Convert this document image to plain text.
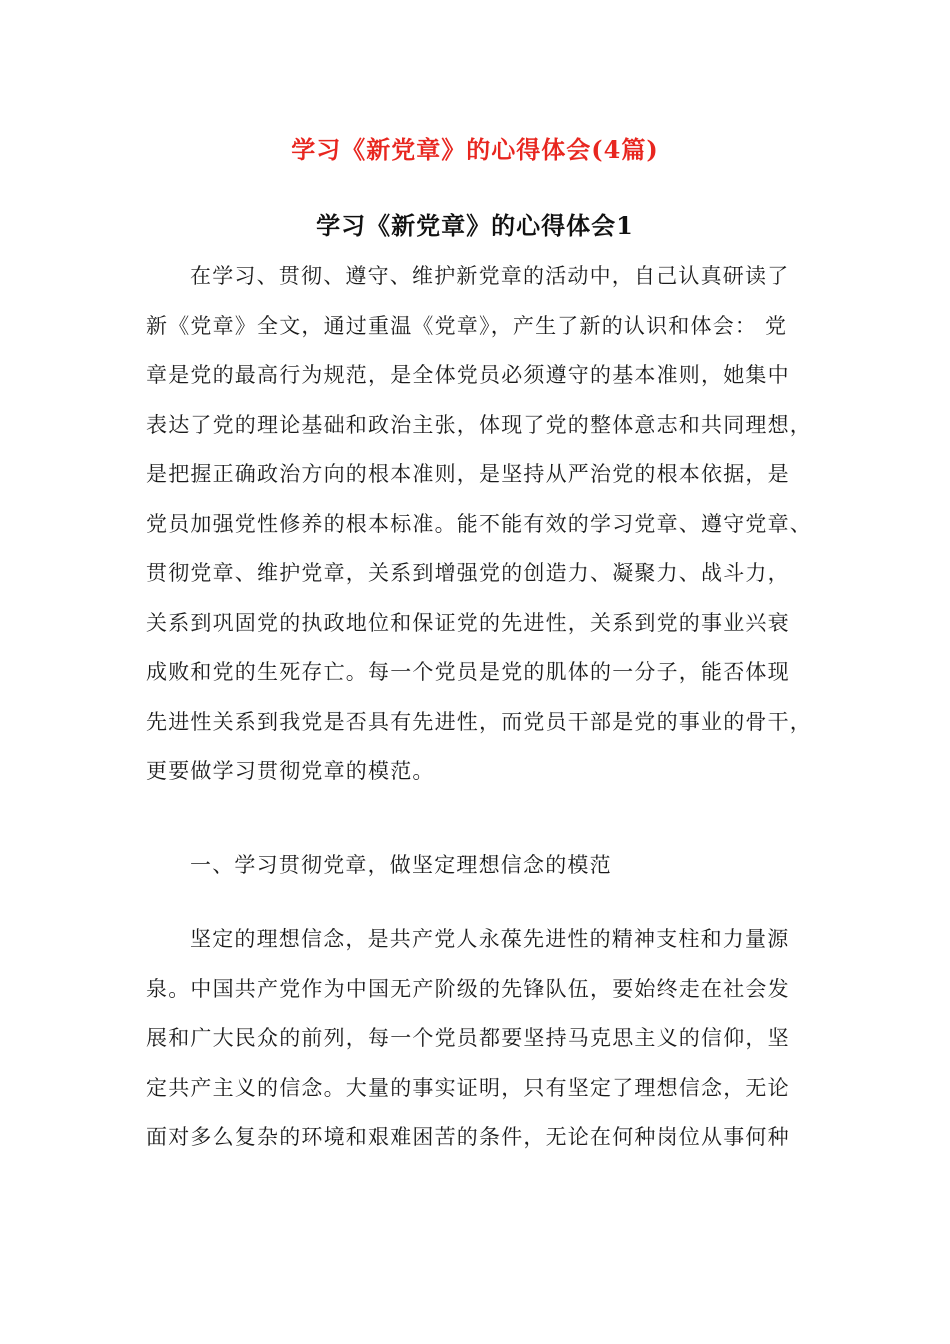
学习《新党章》的心得体会(4篇)
学习《新党章》的心得体会1
在学习、贯彻、遵守、维护新党章的活动中，自己认真研读了
新《党章》全文，通过重温《党章》，产生了新的认识和体会： 党
章是党的最高行为规范，是全体党员必须遵守的基本准则，她集中
表达了党的理论基础和政治主张，体现了党的整体意志和共同理想，
是把握正确政治方向的根本准则，是坚持从严治党的根本依据，是
党员加强党性修养的根本标准。能不能有效的学习党章、遵守党章、
贯彻党章、维护党章，关系到增强党的创造力、凝聚力、战斗力，
关系到巩固党的执政地位和保证党的先进性，关系到党的事业兴衰
成败和党的生死存亡。每一个党员是党的肌体的一分子，能否体现
先进性关系到我党是否具有先进性，而党员干部是党的事业的骨干，
更要做学习贯彻党章的模范。
一、学习贯彻党章，做坚定理想信念的模范
坚定的理想信念，是共产党人永葆先进性的精神支柱和力量源
泉。中国共产党作为中国无产阶级的先锋队伍，要始终走在社会发
展和广大民众的前列，每一个党员都要坚持马克思主义的信仰，坚
定共产主义的信念。大量的事实证明，只有坚定了理想信念，无论
面对多么复杂的环境和艰难困苦的条件，无论在何种岗位从事何种
